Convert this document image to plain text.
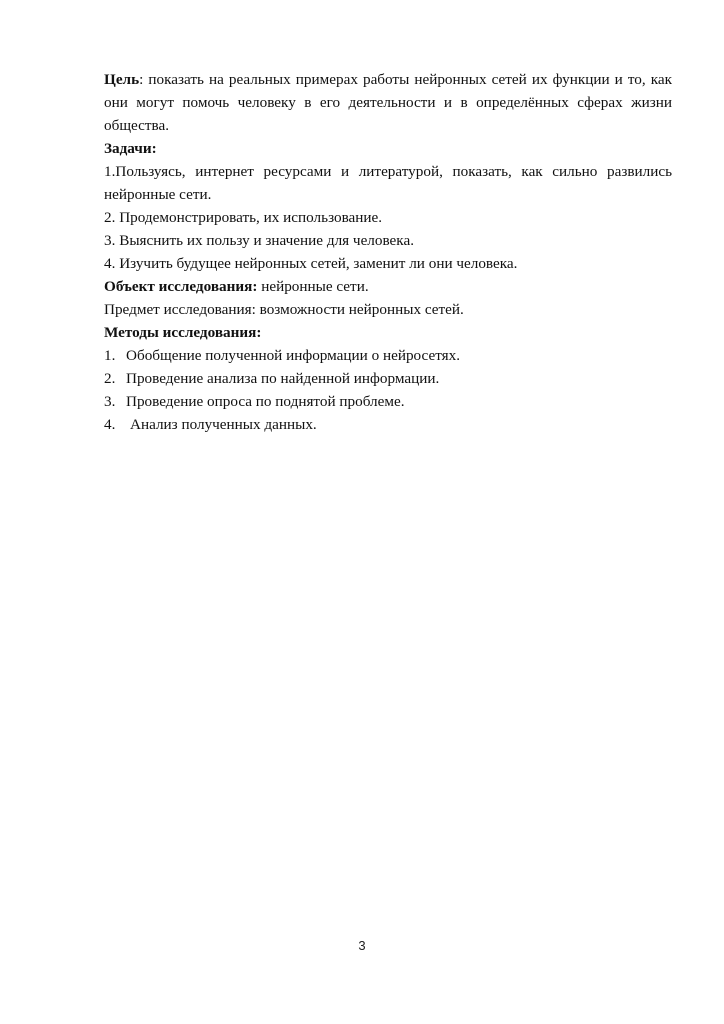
Цель: показать на реальных примерах работы нейронных сетей их функции и то, как они могут помочь человеку в его деятельности и в определённых сферах жизни общества.

Задачи:

1.Пользуясь, интернет ресурсами и литературой, показать, как сильно развились нейронные сети.

2. Продемонстрировать, их использование.

3. Выяснить их пользу и значение для человека.

4. Изучить будущее нейронных сетей, заменит ли они человека.

Объект исследования: нейронные сети.

Предмет исследования: возможности нейронных сетей.

Методы исследования:

1. Обобщение полученной информации о нейросетях.

2. Проведение анализа по найденной информации.

3. Проведение опроса по поднятой проблеме.

4. Анализ полученных данных.

3
